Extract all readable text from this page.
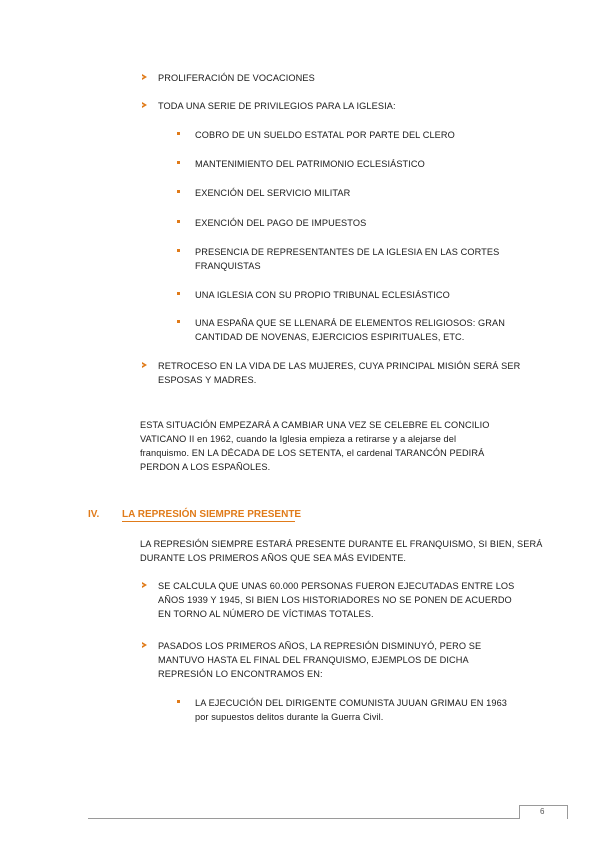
PROLIFERACIÓN DE VOCACIONES
TODA UNA SERIE DE PRIVILEGIOS PARA LA IGLESIA:
COBRO DE UN SUELDO ESTATAL POR PARTE DEL CLERO
MANTENIMIENTO DEL PATRIMONIO ECLESIÁSTICO
EXENCIÓN DEL SERVICIO MILITAR
EXENCIÓN DEL PAGO DE IMPUESTOS
PRESENCIA DE REPRESENTANTES DE LA IGLESIA EN LAS CORTES
FRANQUISTAS
UNA IGLESIA CON SU PROPIO TRIBUNAL ECLESIÁSTICO
UNA ESPAÑA QUE SE LLENARÁ DE ELEMENTOS RELIGIOSOS: GRAN
CANTIDAD DE NOVENAS, EJERCICIOS ESPIRITUALES, ETC.
RETROCESO EN LA VIDA DE LAS MUJERES, CUYA PRINCIPAL MISIÓN SERÁ SER
ESPOSAS Y MADRES.
ESTA SITUACIÓN EMPEZARÁ A CAMBIAR UNA VEZ SE CELEBRE EL CONCILIO
VATICANO II en 1962, cuando la Iglesia empieza a retirarse y a alejarse del
franquismo. EN LA DÉCADA DE LOS SETENTA, el cardenal TARANCÓN PEDIRÁ
PERDON A LOS ESPAÑOLES.
IV. LA REPRESIÓN SIEMPRE PRESENTE
LA REPRESIÓN SIEMPRE ESTARÁ PRESENTE DURANTE EL FRANQUISMO, SI BIEN, SERÁ
DURANTE LOS PRIMEROS AÑOS QUE SEA MÁS EVIDENTE.
SE CALCULA QUE UNAS 60.000 PERSONAS FUERON EJECUTADAS ENTRE LOS
AÑOS 1939 Y 1945, SI BIEN LOS HISTORIADORES NO SE PONEN DE ACUERDO
EN TORNO AL NÚMERO DE VÍCTIMAS TOTALES.
PASADOS LOS PRIMEROS AÑOS, LA REPRESIÓN DISMINUYÓ, PERO SE
MANTUVO HASTA EL FINAL DEL FRANQUISMO, EJEMPLOS DE DICHA
REPRESIÓN LO ENCONTRAMOS EN:
LA EJECUCIÓN DEL DIRIGENTE COMUNISTA JUUAN GRIMAU EN 1963
por supuestos delitos durante la Guerra Civil.
6
